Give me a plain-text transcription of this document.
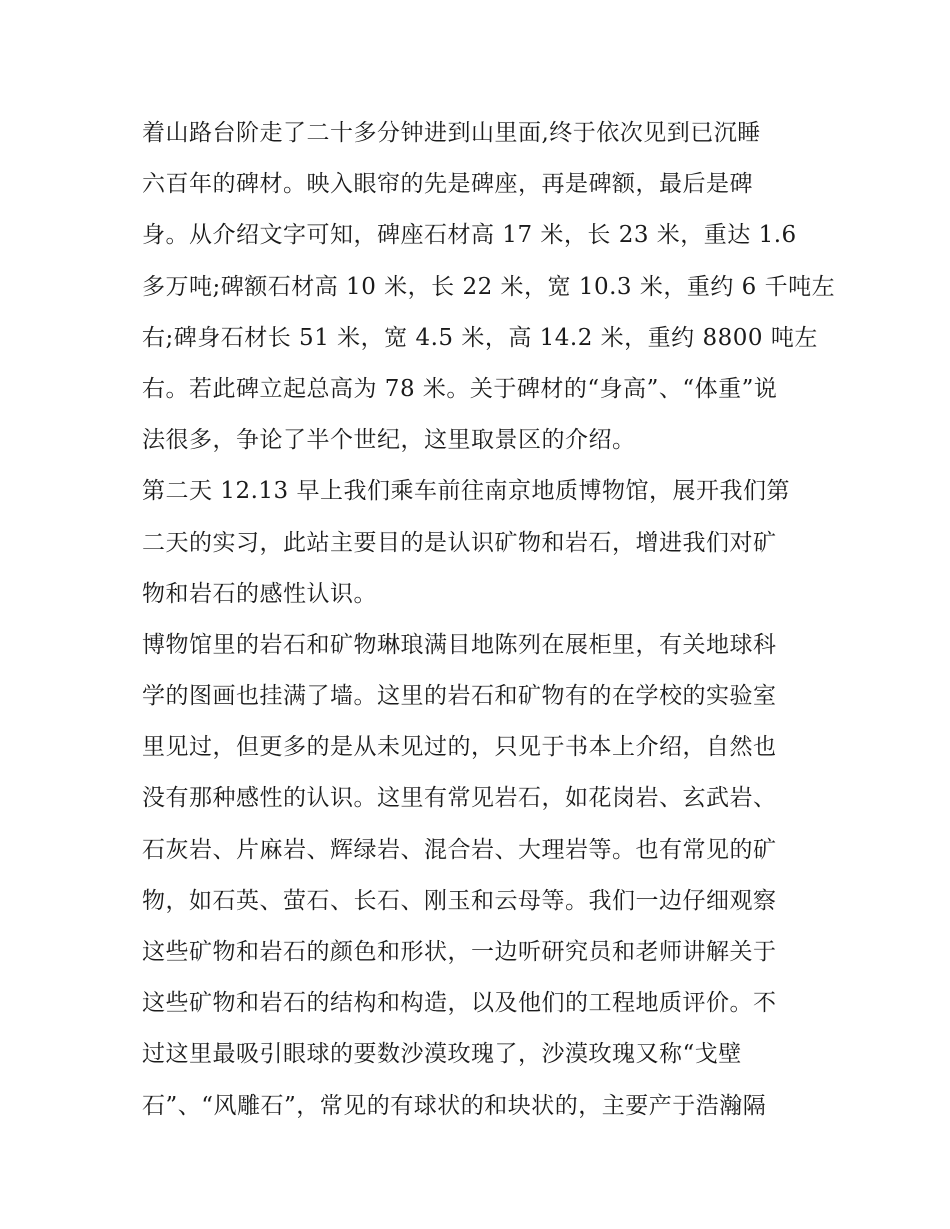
着山路台阶走了二十多分钟进到山里面,终于依次见到已沉睡
六百年的碑材。映入眼帘的先是碑座，再是碑额，最后是碑
身。从介绍文字可知，碑座石材高 17 米，长 23 米，重达 1.6
多万吨;碑额石材高 10 米，长 22 米，宽 10.3 米，重约 6 千吨左
右;碑身石材长 51 米，宽 4.5 米，高 14.2 米，重约 8800 吨左
右。若此碑立起总高为 78 米。关于碑材的“身高”、“体重”说
法很多，争论了半个世纪，这里取景区的介绍。
第二天 12.13 早上我们乘车前往南京地质博物馆，展开我们第
二天的实习，此站主要目的是认识矿物和岩石，增进我们对矿
物和岩石的感性认识。
博物馆里的岩石和矿物琳琅满目地陈列在展柜里，有关地球科
学的图画也挂满了墙。这里的岩石和矿物有的在学校的实验室
里见过，但更多的是从未见过的，只见于书本上介绍，自然也
没有那种感性的认识。这里有常见岩石，如花岗岩、玄武岩、
石灰岩、片麻岩、辉绿岩、混合岩、大理岩等。也有常见的矿
物，如石英、萤石、长石、刚玉和云母等。我们一边仔细观察
这些矿物和岩石的颜色和形状，一边听研究员和老师讲解关于
这些矿物和岩石的结构和构造，以及他们的工程地质评价。不
过这里最吸引眼球的要数沙漠玫瑰了，沙漠玫瑰又称“戈壁
石”、“风雕石”，常见的有球状的和块状的，主要产于浩瀚隔
